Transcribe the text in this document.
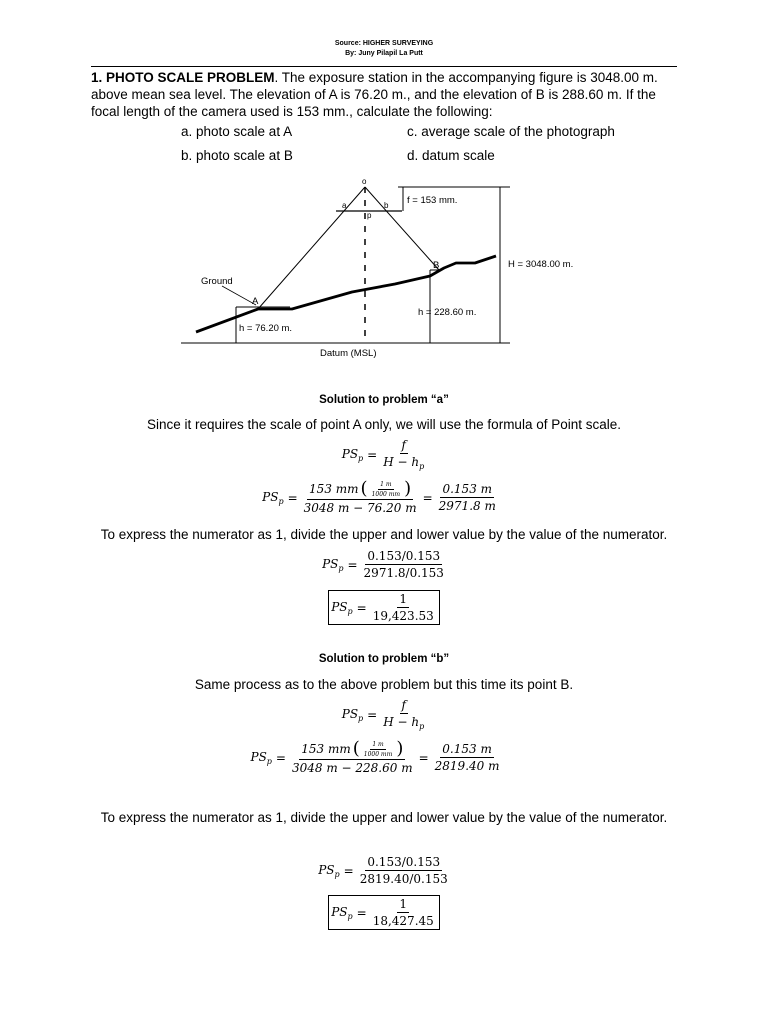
Source: HIGHER SURVEYING
By: Juny Pilapil La Putt
1. PHOTO SCALE PROBLEM. The exposure station in the accompanying figure is 3048.00 m.
above mean sea level. The elevation of A is 76.20 m., and the elevation of B is 288.60 m. If the
focal length of the camera used is 153 mm., calculate the following:
a. photo scale at A	c. average scale of the photograph
b. photo scale at B	d. datum scale
o
a	b
p
f = 153 mm.
H = 3048.00 m.
Ground
A
B
h = 76.20 m.
h = 228.60 m.
Datum (MSL)
Solution to problem “a”
Since it requires the scale of point A only, we will use the formula of Point scale.
$PS_p = \frac{f}{H - h_p}$
$PS_p = \frac{153 mm ( \frac{1 m}{1000 mm} )}{3048 m - 76.20 m} = \frac{0.153 m}{2971.8 m}$
To express the numerator as 1, divide the upper and lower value by the value of the numerator.
$PS_p = \frac{0.153/0.153}{2971.8/0.153}$
$PS_p = \frac{1}{19,423.53}$
Solution to problem “b”
Same process as to the above problem but this time its point B.
$PS_p = \frac{f}{H - h_p}$
$PS_p = \frac{153 mm ( \frac{1 m}{1000 mm} )}{3048 m - 228.60 m} = \frac{0.153 m}{2819.40 m}$
To express the numerator as 1, divide the upper and lower value by the value of the numerator.
$PS_p = \frac{0.153/0.153}{2819.40/0.153}$
$PS_p = \frac{1}{18,427.45}$
